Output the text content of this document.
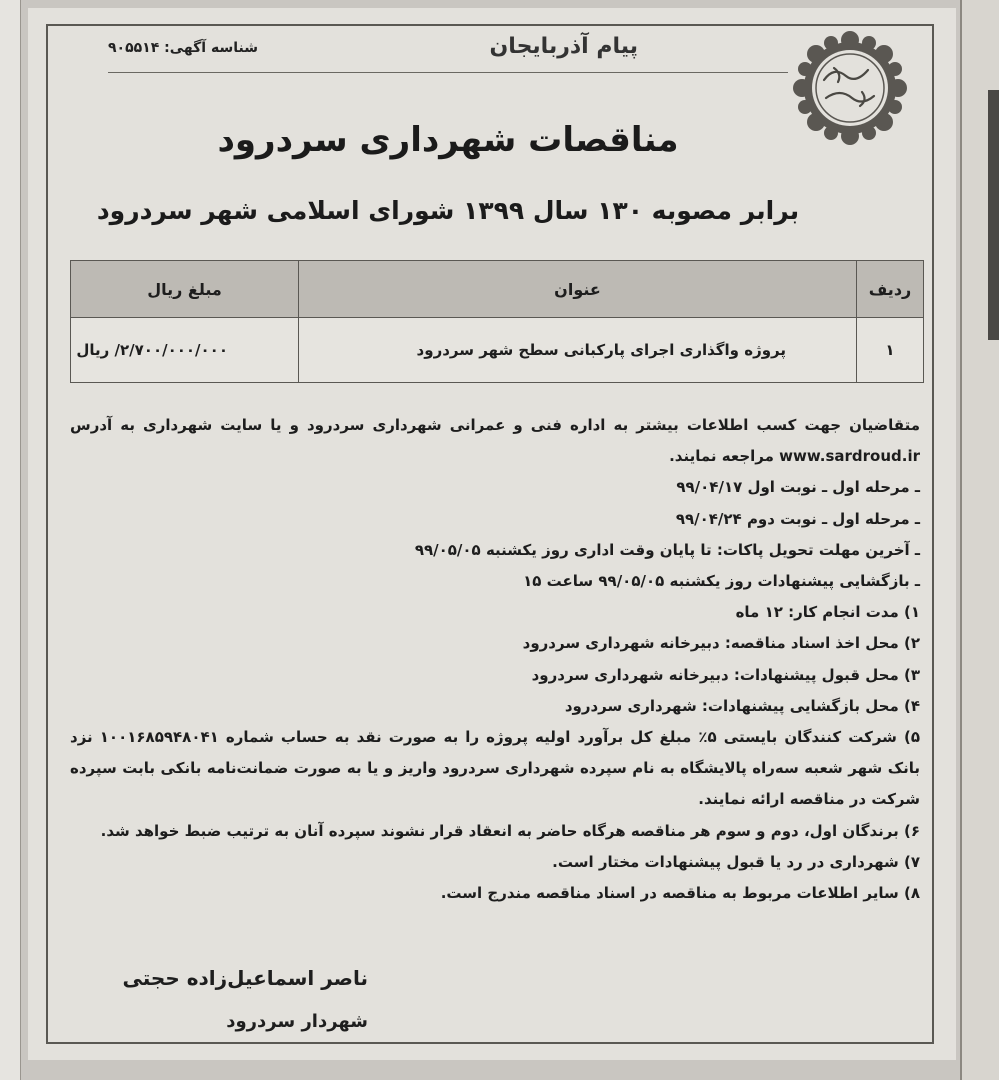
پیام آذربایجان
شناسه آگهی: ۹۰۵۵۱۴
مناقصات شهرداری سردرود
برابر مصوبه ۱۳۰ سال ۱۳۹۹ شورای اسلامی شهر سردرود
ردیف	عنوان	مبلغ ریال
۱	پروژه واگذاری اجرای پارکبانی سطح شهر سردرود	۲/۷۰۰/۰۰۰/۰۰۰/ ریال

متقاضیان جهت کسب اطلاعات بیشتر به اداره فنی و عمرانی شهرداری سردرود و یا سایت شهرداری به آدرس www.sardroud.ir مراجعه نمایند.

ـ مرحله اول ـ نوبت اول ۹۹/۰۴/۱۷

ـ مرحله اول ـ نوبت دوم ۹۹/۰۴/۲۴

ـ آخرین مهلت تحویل پاکات: تا پایان وقت اداری روز یکشنبه ۹۹/۰۵/۰۵

ـ بازگشایی پیشنهادات روز یکشنبه ۹۹/۰۵/۰۵ ساعت ۱۵

۱) مدت انجام کار: ۱۲ ماه

۲) محل اخذ اسناد مناقصه: دبیرخانه شهرداری سردرود

۳) محل قبول پیشنهادات: دبیرخانه شهرداری سردرود

۴) محل بازگشایی پیشنهادات: شهرداری سردرود

۵) شرکت کنندگان بایستی ۵٪ مبلغ کل برآورد اولیه پروژه را به صورت نقد به حساب شماره ۱۰۰۱۶۸۵۹۴۸۰۴۱ نزد بانک شهر شعبه سه‌راه پالایشگاه به نام سپرده شهرداری سردرود واریز و یا به صورت ضمانت‌نامه بانکی بابت سپرده شرکت در مناقصه ارائه نمایند.

۶) برندگان اول، دوم و سوم هر مناقصه هرگاه حاضر به انعقاد قرار نشوند سپرده آنان به ترتیب ضبط خواهد شد.

۷) شهرداری در رد یا قبول پیشنهادات مختار است.

۸) سایر اطلاعات مربوط به مناقصه در اسناد مناقصه مندرج است.

ناصر اسماعیل‌زاده حجتی
شهردار سردرود
